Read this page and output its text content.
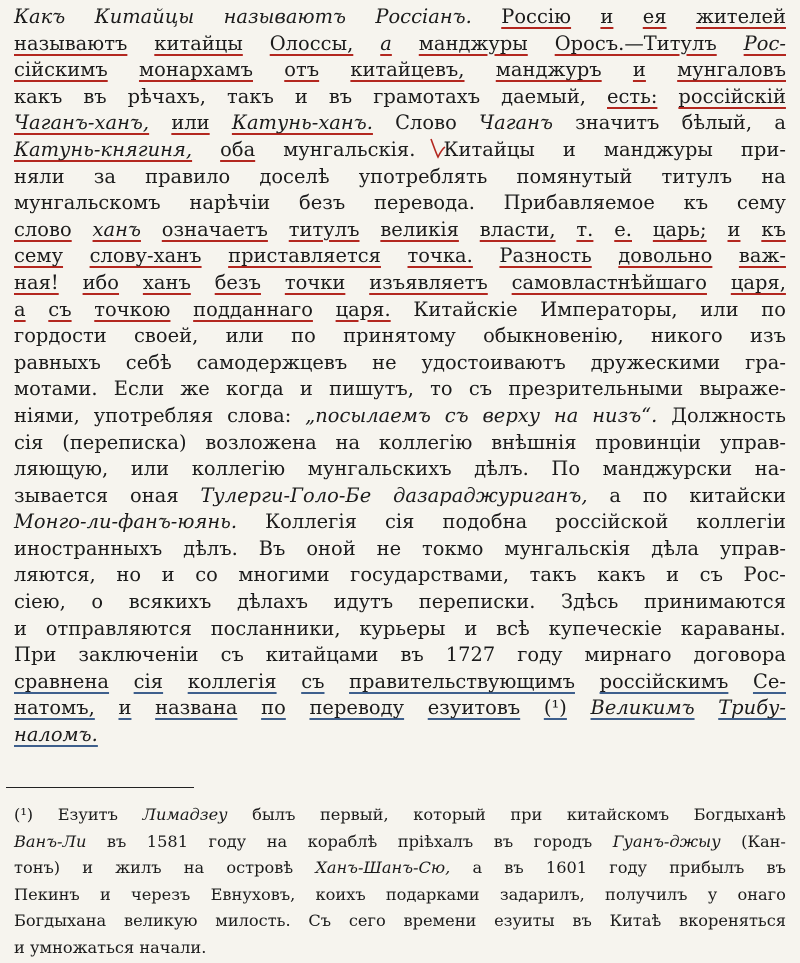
Какъ Китайцы называютъ Россіанъ. Россію и ея жителей
называютъ китайцы Олоссы, а манджуры Оросъ.—Титулъ Рос-
сійскимъ монархамъ отъ китайцевъ, манджуръ и мунгаловъ
какъ въ рѣчахъ, такъ и въ грамотахъ даемый, есть: россійскій
Чаганъ-ханъ, или Катунь-ханъ. Слово Чаганъ значитъ бѣлый, а
Катунь-княгиня, оба мунгальскія. Китайцы и манджуры при-
няли за правило доселѣ употреблять помянутый титулъ на
мунгальскомъ нарѣчіи безъ перевода. Прибавляемое къ сему
слово ханъ означаетъ титулъ великія власти, т. е. царь; и къ
сему слову-ханъ приставляется точка. Разность довольно важ-
ная! ибо ханъ безъ точки изъявляетъ самовластнѣйшаго царя,
а съ точкою подданнаго царя. Китайскіе Императоры, или по
гордости своей, или по принятому обыкновенію, никого изъ
равныхъ себѣ самодержцевъ не удостоиваютъ дружескими гра-
мотами. Если же когда и пишутъ, то съ презрительными выраже-
ніями, употребляя слова: „посылаемъ съ верху на низъ“. Должность
сія (переписка) возложена на коллегію внѣшнія провинціи управ-
ляющую, или коллегію мунгальскихъ дѣлъ. По манджурски на-
зывается оная Тулерги-Голо-Бе дазараджуриганъ, а по китайски
Монго-ли-фанъ-юянь. Коллегія сія подобна россійской коллегіи
иностранныхъ дѣлъ. Въ оной не токмо мунгальскія дѣла управ-
ляются, но и со многими государствами, такъ какъ и съ Рос-
сіею, о всякихъ дѣлахъ идутъ переписки. Здѣсь принимаются
и отправляются посланники, курьеры и всѣ купеческіе караваны.
При заключеніи съ китайцами въ 1727 году мирнаго договора
сравнена сія коллегія съ правительствующимъ россійскимъ Се-
натомъ, и названа по переводу езуитовъ (¹) Великимъ Трибу-
наломъ.
(¹) Езуитъ Лимадзеу былъ первый, который при китайскомъ Богдыханѣ
Ванъ-Ли въ 1581 году на кораблѣ пріѣхалъ въ городъ Гуанъ-джыу (Кан-
тонъ) и жилъ на островѣ Ханъ-Шанъ-Сю, а въ 1601 году прибылъ въ
Пекинъ и черезъ Евнуховъ, коихъ подарками задарилъ, получилъ у онаго
Богдыхана великую милость. Съ сего времени езуиты въ Китаѣ вкореняться
и умножаться начали.
